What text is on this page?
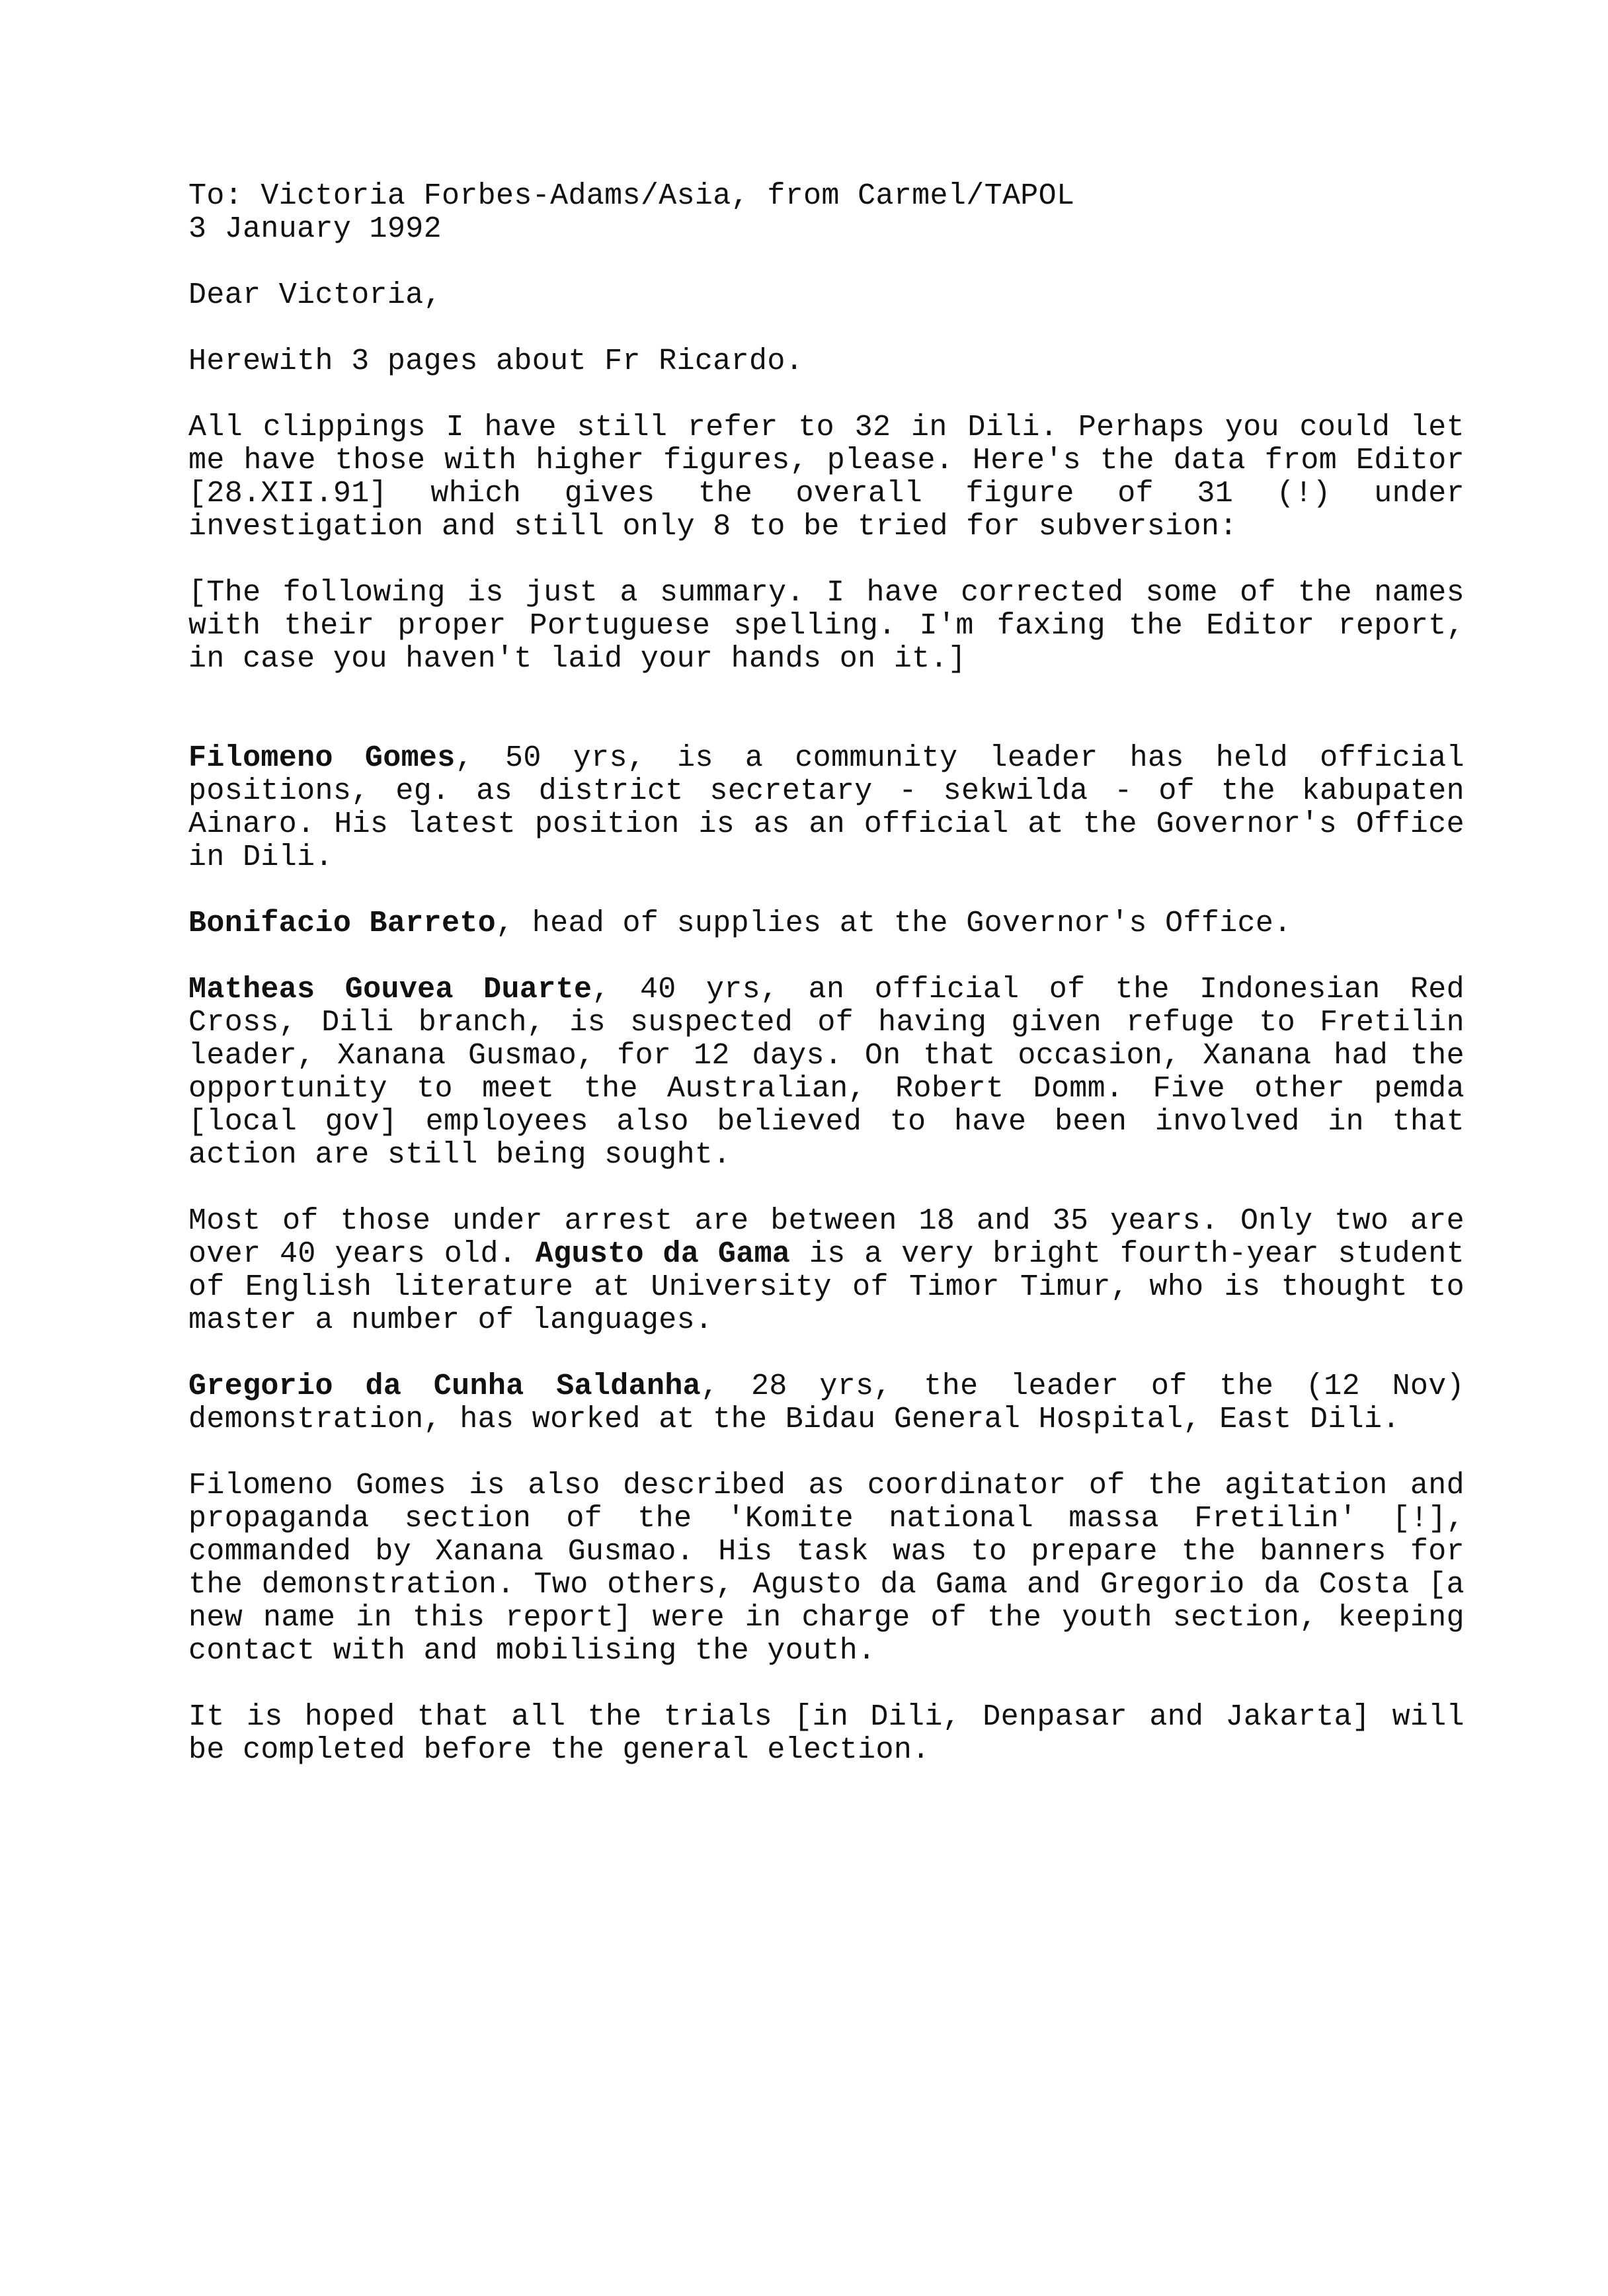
To: Victoria Forbes-Adams/Asia, from Carmel/TAPOL
3 January 1992

Dear Victoria,

Herewith 3 pages about Fr Ricardo.

All clippings I have still refer to 32 in Dili. Perhaps you could let me have those with higher figures, please. Here's the data from Editor [28.XII.91] which gives the overall figure of 31 (!) under investigation and still only 8 to be tried for subversion:

[The following is just a summary. I have corrected some of the names with their proper Portuguese spelling. I'm faxing the Editor report, in case you haven't laid your hands on it.]

Filomeno Gomes, 50 yrs, is a community leader has held official positions, eg. as district secretary - sekwilda - of the kabupaten Ainaro. His latest position is as an official at the Governor's Office in Dili.

Bonifacio Barreto, head of supplies at the Governor's Office.

Matheas Gouvea Duarte, 40 yrs, an official of the Indonesian Red Cross, Dili branch, is suspected of having given refuge to Fretilin leader, Xanana Gusmao, for 12 days. On that occasion, Xanana had the opportunity to meet the Australian, Robert Domm. Five other pemda [local gov] employees also believed to have been involved in that action are still being sought.

Most of those under arrest are between 18 and 35 years. Only two are over 40 years old. Agusto da Gama is a very bright fourth-year student of English literature at University of Timor Timur, who is thought to master a number of languages.

Gregorio da Cunha Saldanha, 28 yrs, the leader of the (12 Nov) demonstration, has worked at the Bidau General Hospital, East Dili.

Filomeno Gomes is also described as coordinator of the agitation and propaganda section of the 'Komite national massa Fretilin' [!], commanded by Xanana Gusmao. His task was to prepare the banners for the demonstration. Two others, Agusto da Gama and Gregorio da Costa [a new name in this report] were in charge of the youth section, keeping contact with and mobilising the youth.

It is hoped that all the trials [in Dili, Denpasar and Jakarta] will be completed before the general election.
